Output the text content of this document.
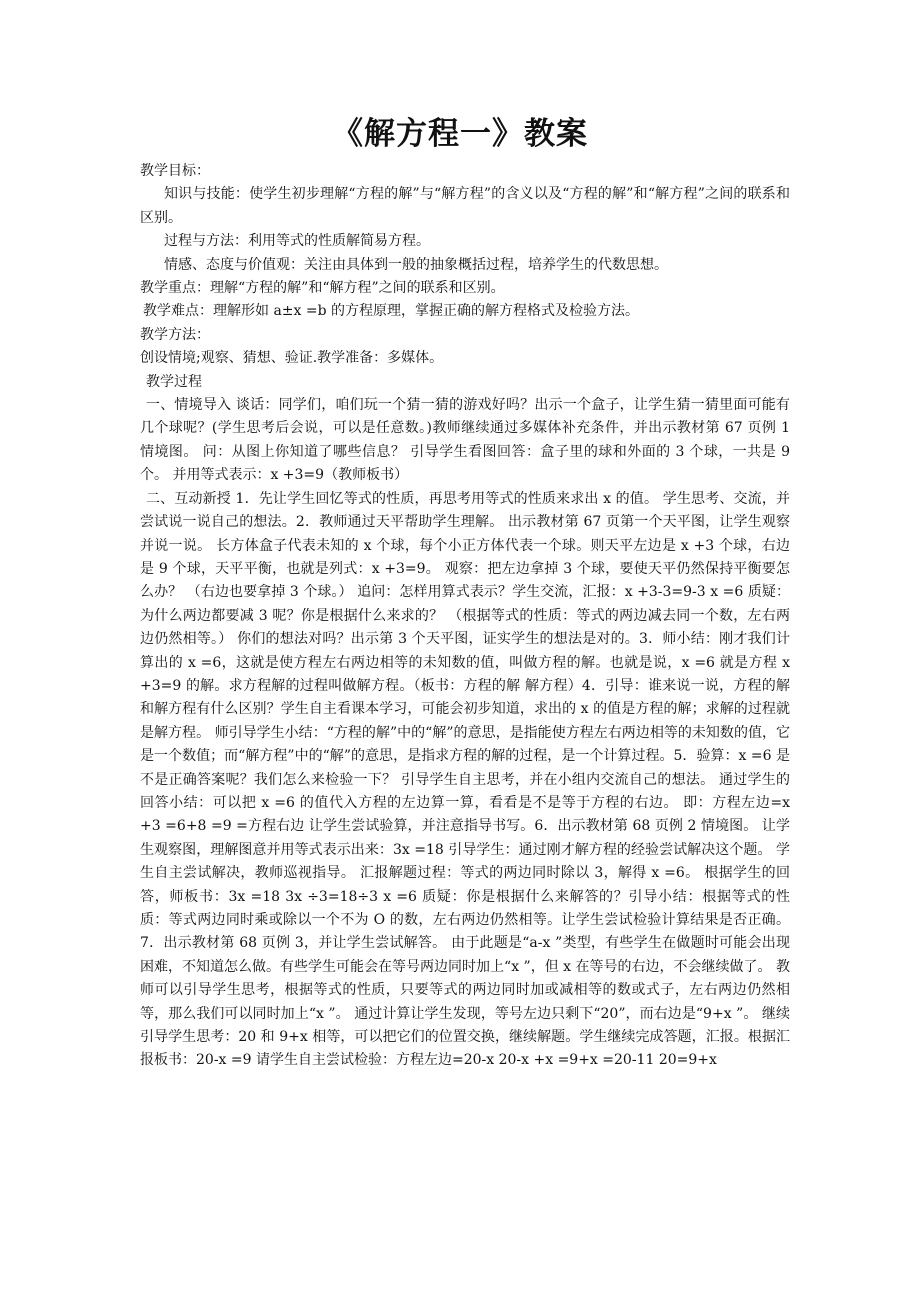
《解方程一》教案

教学目标：

知识与技能：使学生初步理解“方程的解”与“解方程”的含义以及“方程的解”和“解方程”之间的联系和区别。

过程与方法：利用等式的性质解简易方程。

情感、态度与价值观：关注由具体到一般的抽象概括过程，培养学生的代数思想。

教学重点：理解“方程的解”和“解方程”之间的联系和区别。

教学难点：理解形如 a±x =b 的方程原理，掌握正确的解方程格式及检验方法。

教学方法：

创设情境;观察、猜想、验证.教学准备：多媒体。

教学过程

一、情境导入 谈话：同学们，咱们玩一个猜一猜的游戏好吗？出示一个盒子，让学生猜一猜里面可能有几个球呢？(学生思考后会说，可以是任意数。)教师继续通过多媒体补充条件，并出示教材第 67 页例 1 情境图。 问：从图上你知道了哪些信息？ 引导学生看图回答：盒子里的球和外面的 3 个球，一共是 9 个。 并用等式表示：x +3=9（教师板书）

二、互动新授 1．先让学生回忆等式的性质，再思考用等式的性质来求出 x 的值。 学生思考、交流，并尝试说一说自己的想法。2．教师通过天平帮助学生理解。 出示教材第 67 页第一个天平图，让学生观察并说一说。 长方体盒子代表未知的 x 个球，每个小正方体代表一个球。则天平左边是 x +3 个球，右边是 9 个球，天平平衡，也就是列式：x +3=9。 观察：把左边拿掉 3 个球，要使天平仍然保持平衡要怎么办？ （右边也要拿掉 3 个球。） 追问：怎样用算式表示？学生交流，汇报：x +3-3=9-3 x =6 质疑：为什么两边都要减 3 呢？你是根据什么来求的？ （根据等式的性质：等式的两边减去同一个数，左右两边仍然相等。） 你们的想法对吗？出示第 3 个天平图，证实学生的想法是对的。3．师小结：刚才我们计算出的 x =6，这就是使方程左右两边相等的未知数的值，叫做方程的解。也就是说，x =6 就是方程 x +3=9 的解。求方程解的过程叫做解方程。（板书：方程的解 解方程）4．引导：谁来说一说，方程的解和解方程有什么区别？学生自主看课本学习，可能会初步知道，求出的 x 的值是方程的解；求解的过程就是解方程。 师引导学生小结：“方程的解”中的“解”的意思，是指能使方程左右两边相等的未知数的值，它是一个数值；而“解方程”中的“解”的意思，是指求方程的解的过程，是一个计算过程。5．验算：x =6 是不是正确答案呢？我们怎么来检验一下？ 引导学生自主思考，并在小组内交流自己的想法。 通过学生的回答小结：可以把 x =6 的值代入方程的左边算一算，看看是不是等于方程的右边。 即：方程左边=x +3 =6+8 =9 =方程右边 让学生尝试验算，并注意指导书写。6．出示教材第 68 页例 2 情境图。 让学生观察图，理解图意并用等式表示出来：3x =18 引导学生：通过刚才解方程的经验尝试解决这个题。 学生自主尝试解决，教师巡视指导。 汇报解题过程：等式的两边同时除以 3，解得 x =6。 根据学生的回答，师板书：3x =18 3x ÷3=18÷3 x =6 质疑：你是根据什么来解答的？引导小结：根据等式的性质：等式两边同时乘或除以一个不为 O 的数，左右两边仍然相等。让学生尝试检验计算结果是否正确。7．出示教材第 68 页例 3，并让学生尝试解答。 由于此题是“a-x ”类型，有些学生在做题时可能会出现困难，不知道怎么做。有些学生可能会在等号两边同时加上“x ”，但 x 在等号的右边，不会继续做了。 教师可以引导学生思考，根据等式的性质，只要等式的两边同时加或减相等的数或式子，左右两边仍然相等，那么我们可以同时加上“x ”。 通过计算让学生发现，等号左边只剩下“20”，而右边是“9+x ”。 继续引导学生思考：20 和 9+x 相等，可以把它们的位置交换，继续解题。学生继续完成答题，汇报。根据汇报板书：20-x =9 请学生自主尝试检验：方程左边=20-x 20-x +x =9+x =20-11 20=9+x
